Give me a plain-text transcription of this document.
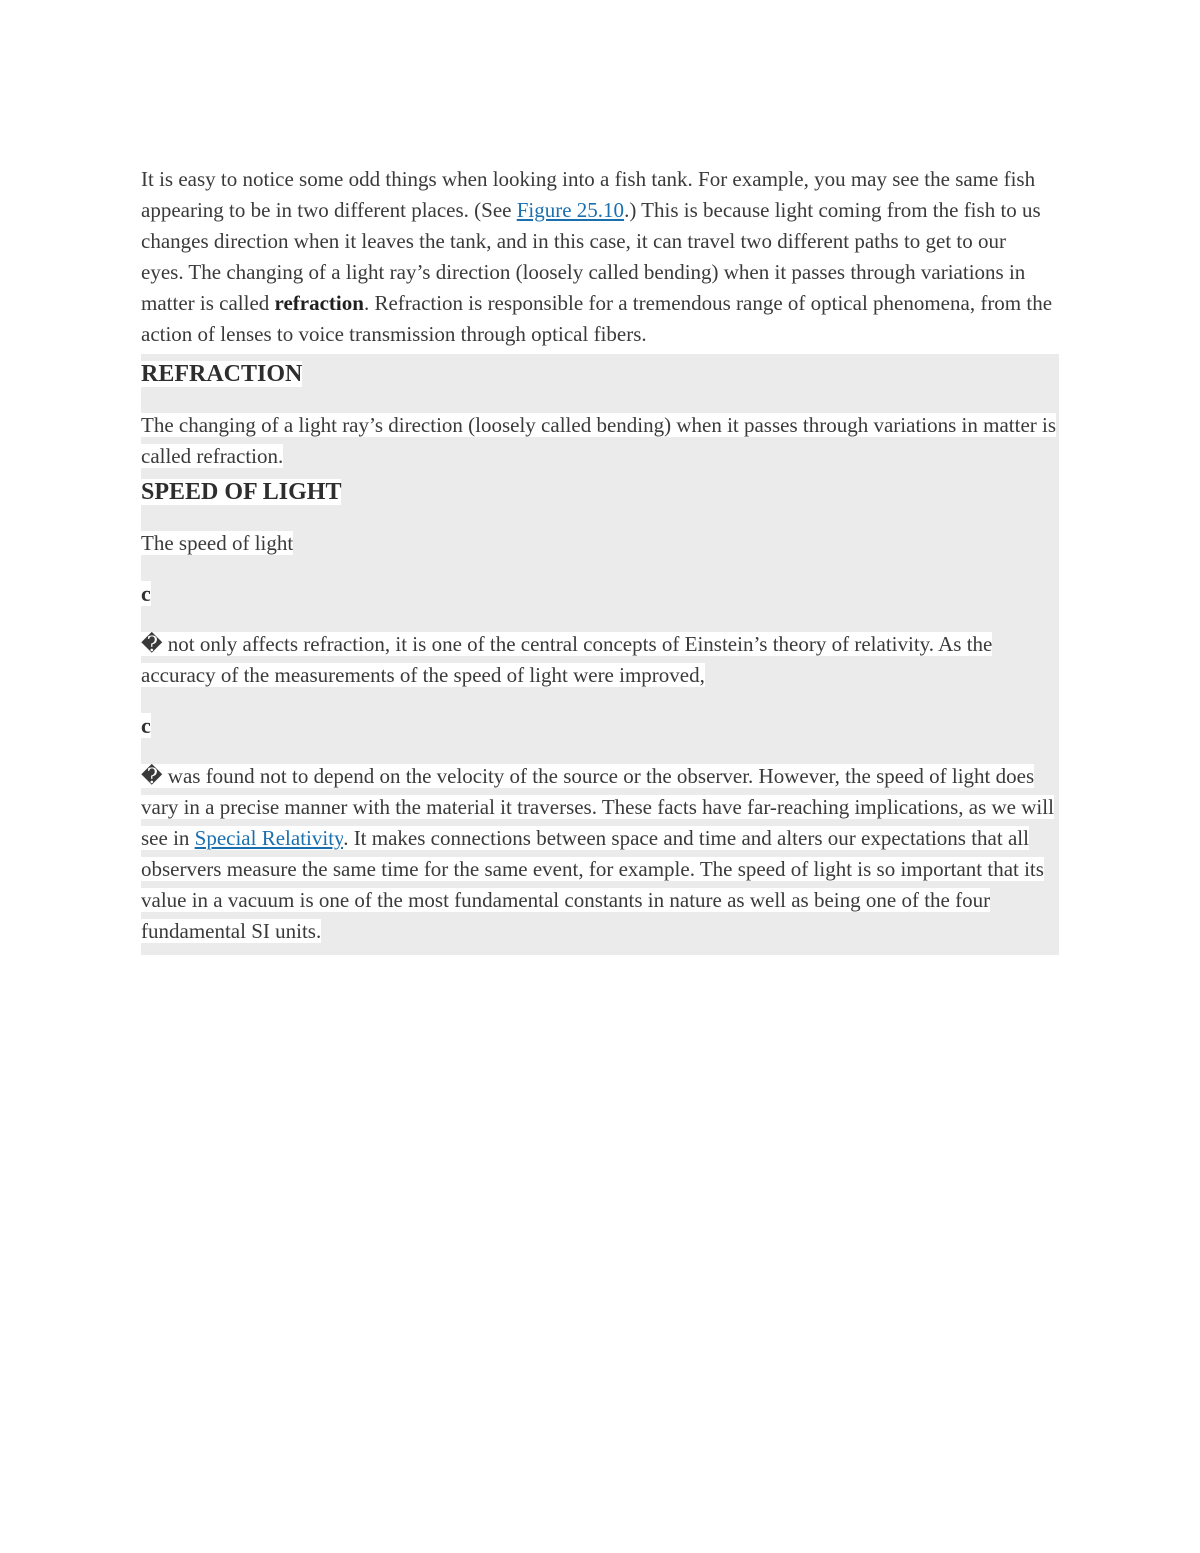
It is easy to notice some odd things when looking into a fish tank. For example, you may see the same fish appearing to be in two different places. (See Figure 25.10.) This is because light coming from the fish to us changes direction when it leaves the tank, and in this case, it can travel two different paths to get to our eyes. The changing of a light ray’s direction (loosely called bending) when it passes through variations in matter is called refraction. Refraction is responsible for a tremendous range of optical phenomena, from the action of lenses to voice transmission through optical fibers.

REFRACTION

The changing of a light ray’s direction (loosely called bending) when it passes through variations in matter is called refraction.

SPEED OF LIGHT

The speed of light

c

� not only affects refraction, it is one of the central concepts of Einstein’s theory of relativity. As the accuracy of the measurements of the speed of light were improved,

c

� was found not to depend on the velocity of the source or the observer. However, the speed of light does vary in a precise manner with the material it traverses. These facts have far-reaching implications, as we will see in Special Relativity. It makes connections between space and time and alters our expectations that all observers measure the same time for the same event, for example. The speed of light is so important that its value in a vacuum is one of the most fundamental constants in nature as well as being one of the four fundamental SI units.
